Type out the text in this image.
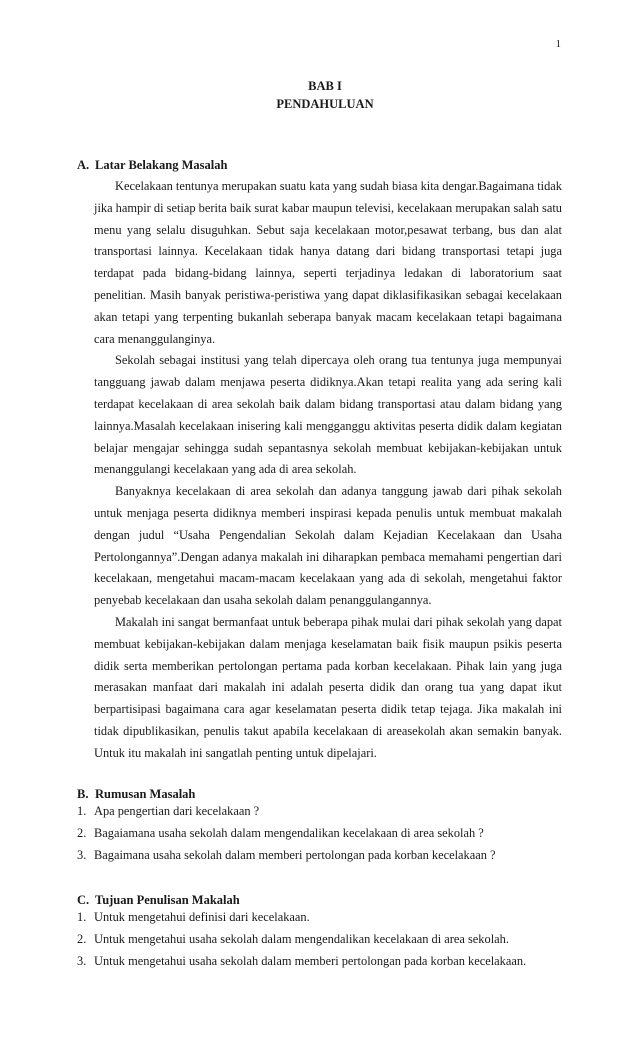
1
BAB I
PENDAHULUAN
A. Latar Belakang Masalah

Kecelakaan tentunya merupakan suatu kata yang sudah biasa kita dengar.Bagaimana tidak jika hampir di setiap berita baik surat kabar maupun televisi, kecelakaan merupakan salah satu menu yang selalu disuguhkan. Sebut saja kecelakaan motor,pesawat terbang, bus dan alat transportasi lainnya. Kecelakaan tidak hanya datang dari bidang transportasi tetapi juga terdapat pada bidang-bidang lainnya, seperti terjadinya ledakan di laboratorium saat penelitian. Masih banyak peristiwa-peristiwa yang dapat diklasifikasikan sebagai kecelakaan akan tetapi yang terpenting bukanlah seberapa banyak macam kecelakaan tetapi bagaimana cara menanggulanginya.

Sekolah sebagai institusi yang telah dipercaya oleh orang tua tentunya juga mempunyai tangguang jawab dalam menjawa peserta didiknya.Akan tetapi realita yang ada sering kali terdapat kecelakaan di area sekolah baik dalam bidang transportasi atau dalam bidang yang lainnya.Masalah kecelakaan inisering kali mengganggu aktivitas peserta didik dalam kegiatan belajar mengajar sehingga sudah sepantasnya sekolah membuat kebijakan-kebijakan untuk menanggulangi kecelakaan yang ada di area sekolah.

Banyaknya kecelakaan di area sekolah dan adanya tanggung jawab dari pihak sekolah untuk menjaga peserta didiknya memberi inspirasi kepada penulis untuk membuat makalah dengan judul “Usaha Pengendalian Sekolah dalam Kejadian Kecelakaan dan Usaha Pertolongannya”.Dengan adanya makalah ini diharapkan pembaca memahami pengertian dari kecelakaan, mengetahui macam-macam kecelakaan yang ada di sekolah, mengetahui faktor penyebab kecelakaan dan usaha sekolah dalam penanggulangannya.

Makalah ini sangat bermanfaat untuk beberapa pihak mulai dari pihak sekolah yang dapat membuat kebijakan-kebijakan dalam menjaga keselamatan baik fisik maupun psikis peserta didik serta memberikan pertolongan pertama pada korban kecelakaan. Pihak lain yang juga merasakan manfaat dari makalah ini adalah peserta didik dan orang tua yang dapat ikut berpartisipasi bagaimana cara agar keselamatan peserta didik tetap tejaga. Jika makalah ini tidak dipublikasikan, penulis takut apabila kecelakaan di areasekolah akan semakin banyak. Untuk itu makalah ini sangatlah penting untuk dipelajari.

B. Rumusan Masalah
1. Apa pengertian dari kecelakaan ?
2. Bagaiamana usaha sekolah dalam mengendalikan kecelakaan di area sekolah ?
3. Bagaimana usaha sekolah dalam memberi pertolongan pada korban kecelakaan ?
C. Tujuan Penulisan Makalah
1. Untuk mengetahui definisi dari kecelakaan.
2. Untuk mengetahui usaha sekolah dalam mengendalikan kecelakaan di area sekolah.
3. Untuk mengetahui usaha sekolah dalam memberi pertolongan pada korban kecelakaan.
